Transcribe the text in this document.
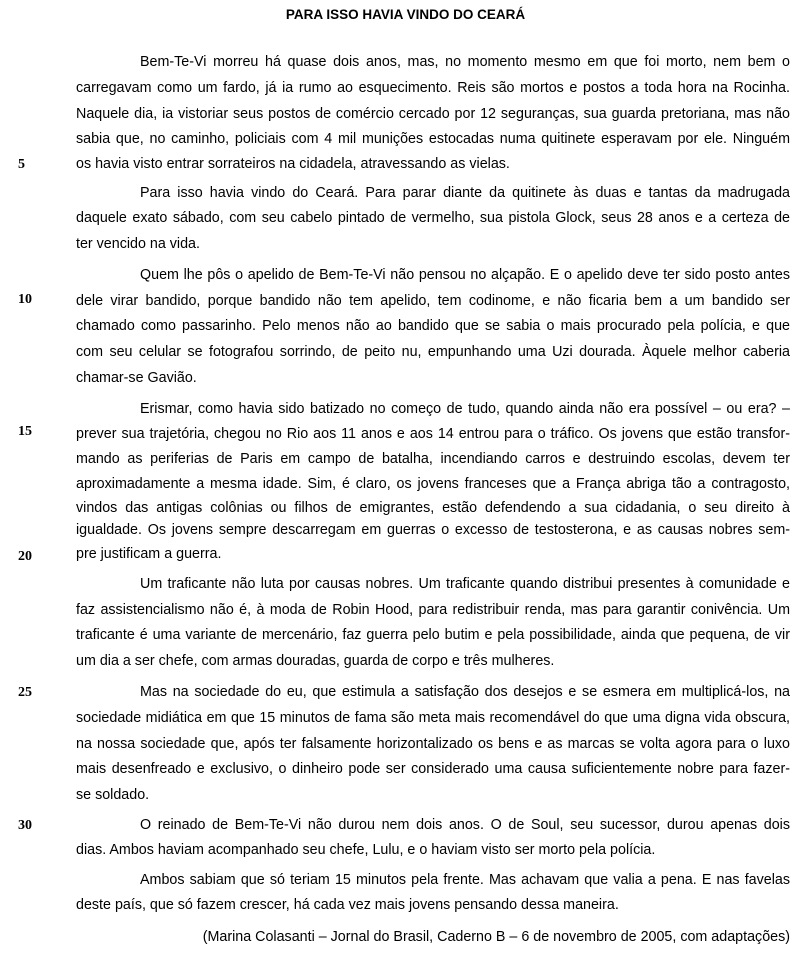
PARA ISSO HAVIA VINDO DO CEARÁ
5
10
15
20
25
30
Bem-Te-Vi morreu há quase dois anos, mas, no momento mesmo em que foi morto, nem bem o
carregavam como um fardo, já ia rumo ao esquecimento. Reis são mortos e postos a toda hora na Rocinha.
Naquele dia, ia vistoriar seus postos de comércio cercado por 12 seguranças, sua guarda pretoriana, mas não
sabia que, no caminho, policiais com 4 mil munições estocadas numa quitinete esperavam por ele. Ninguém
os havia visto entrar sorrateiros na cidadela, atravessando as vielas.
Para isso havia vindo do Ceará. Para parar diante da quitinete às duas e tantas da madrugada
daquele exato sábado, com seu cabelo pintado de vermelho, sua pistola Glock, seus 28 anos e a certeza de
ter vencido na vida.
Quem lhe pôs o apelido de Bem-Te-Vi não pensou no alçapão. E o apelido deve ter sido posto antes
dele virar bandido, porque bandido não tem apelido, tem codinome, e não ficaria bem a um bandido ser
chamado como passarinho. Pelo menos não ao bandido que se sabia o mais procurado pela polícia, e que
com seu celular se fotografou sorrindo, de peito nu, empunhando uma Uzi dourada. Àquele melhor caberia
chamar-se Gavião.
Erismar, como havia sido batizado no começo de tudo, quando ainda não era possível – ou era? –
prever sua trajetória, chegou no Rio aos 11 anos e aos 14 entrou para o tráfico. Os jovens que estão transfor-
mando as periferias de Paris em campo de batalha, incendiando carros e destruindo escolas, devem ter
aproximadamente a mesma idade. Sim, é claro, os jovens franceses que a França abriga tão a contragosto,
vindos das antigas colônias ou filhos de emigrantes, estão defendendo a sua cidadania, o seu direito à
igualdade. Os jovens sempre descarregam em guerras o excesso de testosterona, e as causas nobres sem-
pre justificam a guerra.
Um traficante não luta por causas nobres. Um traficante quando distribui presentes à comunidade e
faz assistencialismo não é, à moda de Robin Hood, para redistribuir renda, mas para garantir conivência. Um
traficante é uma variante de mercenário, faz guerra pelo butim e pela possibilidade, ainda que pequena, de vir
um dia a ser chefe, com armas douradas, guarda de corpo e três mulheres.
Mas na sociedade do eu, que estimula a satisfação dos desejos e se esmera em multiplicá-los, na
sociedade midiática em que 15 minutos de fama são meta mais recomendável do que uma digna vida obscura,
na nossa sociedade que, após ter falsamente horizontalizado os bens e as marcas se volta agora para o luxo
mais desenfreado e exclusivo, o dinheiro pode ser considerado uma causa suficientemente nobre para fazer-
se soldado.
O reinado de Bem-Te-Vi não durou nem dois anos. O de Soul, seu sucessor, durou apenas dois
dias. Ambos haviam acompanhado seu chefe, Lulu, e o haviam visto ser morto pela polícia.
Ambos sabiam que só teriam 15 minutos pela frente. Mas achavam que valia a pena. E nas favelas
deste país, que só fazem crescer, há cada vez mais jovens pensando dessa maneira.
(Marina Colasanti – Jornal do Brasil, Caderno B – 6 de novembro de 2005, com adaptações)
